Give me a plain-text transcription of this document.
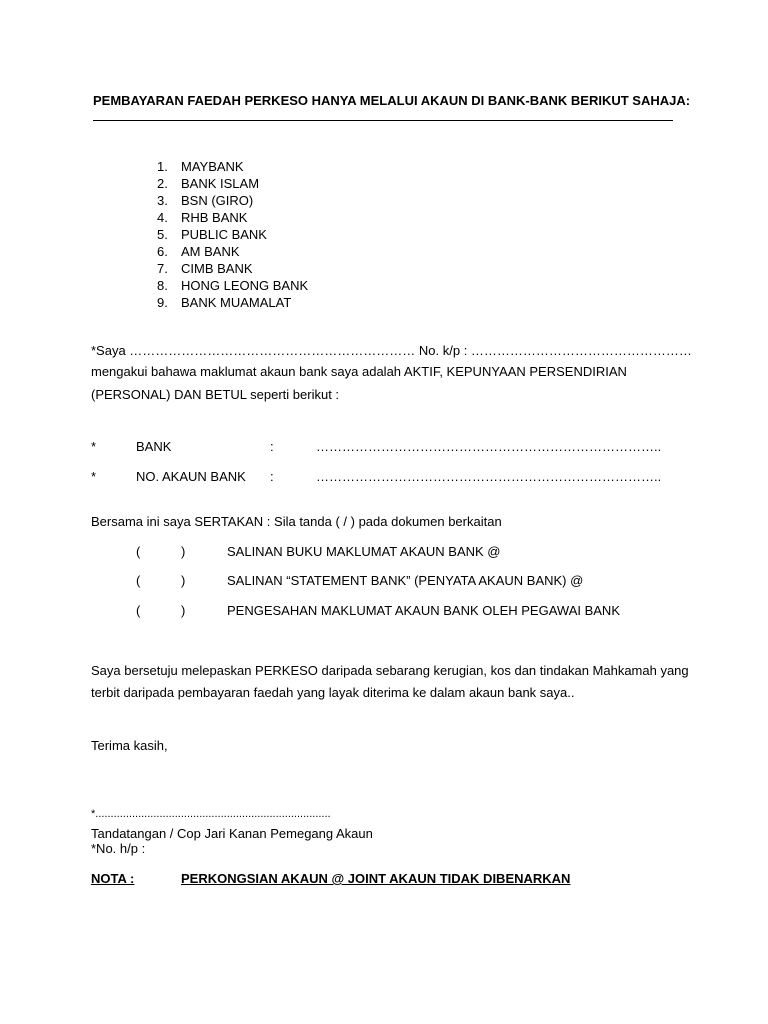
PEMBAYARAN FAEDAH PERKESO HANYA MELALUI AKAUN DI BANK-BANK BERIKUT SAHAJA:
1.	MAYBANK
2.	BANK ISLAM
3.	BSN (GIRO)
4.	RHB BANK
5.	PUBLIC BANK
6.	AM BANK
7.	CIMB BANK
8.	HONG LEONG BANK
9.	BANK MUAMALAT
*Saya ………………………………………………………… No. k/p : ……………………………………………
mengakui bahawa maklumat akaun bank saya adalah AKTIF, KEPUNYAAN PERSENDIRIAN
(PERSONAL) DAN BETUL seperti berikut :
*	BANK	:	……………………………………………………………………..
*	NO. AKAUN BANK :	……………………………………………………………………..
Bersama ini saya SERTAKAN : Sila tanda ( / ) pada dokumen berkaitan
(	)	SALINAN BUKU MAKLUMAT AKAUN BANK @
(	)	SALINAN “STATEMENT BANK” (PENYATA AKAUN BANK) @
(	)	PENGESAHAN MAKLUMAT AKAUN BANK OLEH PEGAWAI BANK
Saya bersetuju melepaskan PERKESO daripada sebarang kerugian, kos dan tindakan Mahkamah yang
terbit daripada pembayaran faedah yang layak diterima ke dalam akaun bank saya..
Terima kasih,
*.............................................................................
Tandatangan / Cop Jari Kanan Pemegang Akaun
*No. h/p :
NOTA :	PERKONGSIAN AKAUN @ JOINT AKAUN TIDAK DIBENARKAN
